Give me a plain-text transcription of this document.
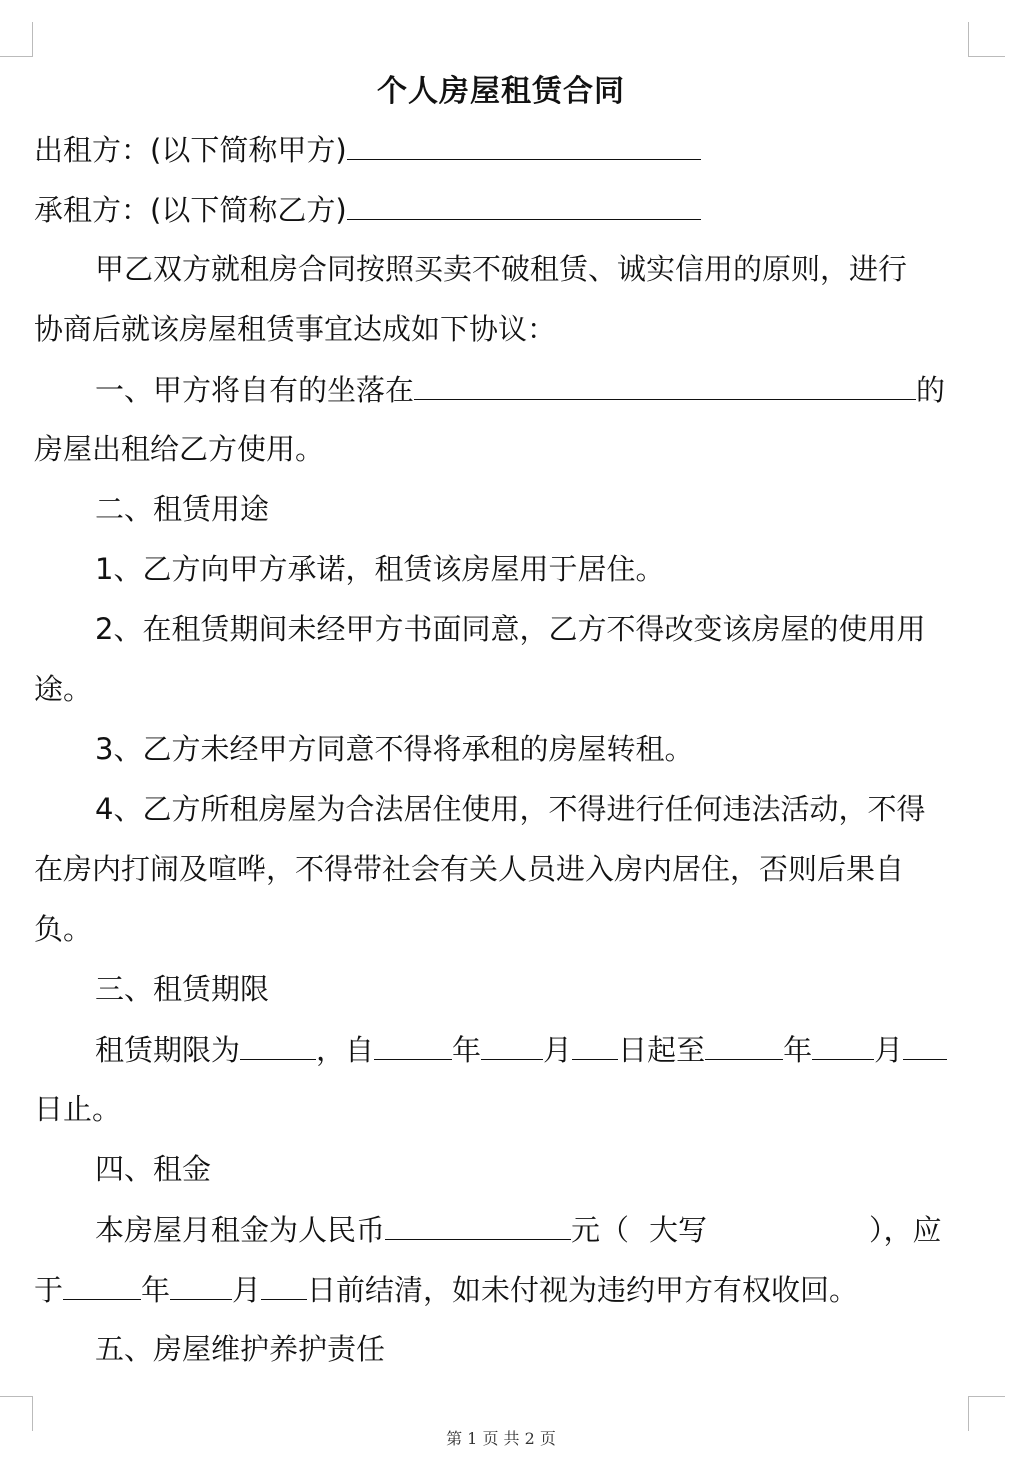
个人房屋租赁合同
出租方：(以下简称甲方)
承租方：(以下简称乙方)
甲乙双方就租房合同按照买卖不破租赁、诚实信用的原则，进行
协商后就该房屋租赁事宜达成如下协议：
一、甲方将自有的坐落在	的
房屋出租给乙方使用。
二、租赁用途
1、乙方向甲方承诺，租赁该房屋用于居住。
2、在租赁期间未经甲方书面同意，乙方不得改变该房屋的使用用
途。
3、乙方未经甲方同意不得将承租的房屋转租。
4、乙方所租房屋为合法居住使用，不得进行任何违法活动，不得
在房内打闹及喧哗，不得带社会有关人员进入房内居住，否则后果自
负。
三、租赁期限
租赁期限为	，自	年 月 日起至	年 月
日止。
四、租金
本房屋月租金为人民币	元（ 大写	），应
于	年 月 日前结清，如未付视为违约甲方有权收回。
五、房屋维护养护责任
第 1 页 共 2 页
